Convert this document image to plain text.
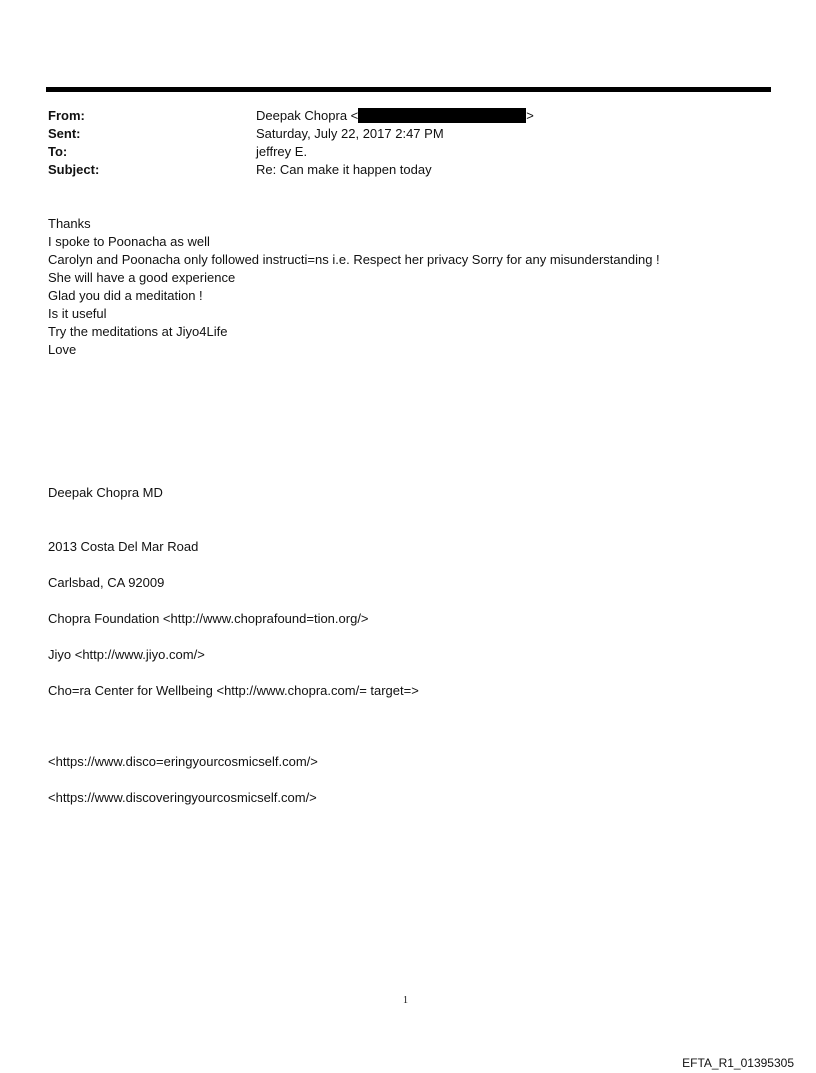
From:	Deepak Chopra <	>
Sent:	Saturday, July 22, 2017 2:47 PM
To:	jeffrey E.
Subject:	Re: Can make it happen today
Thanks
I spoke to Poonacha as well
Carolyn and Poonacha only followed instructi=ns i.e. Respect her privacy Sorry for any misunderstanding !
She will have a good experience
Glad you did a meditation !
Is it useful
Try the meditations at Jiyo4Life
Love
Deepak Chopra MD
2013 Costa Del Mar Road
Carlsbad, CA 92009
Chopra Foundation <http://www.choprafound=tion.org/>
Jiyo <http://www.jiyo.com/>
Cho=ra Center for Wellbeing <http://www.chopra.com/= target=>
<https://www.disco=eringyourcosmicself.com/>
<https://www.discoveringyourcosmicself.com/>
1
EFTA_R1_01395305
